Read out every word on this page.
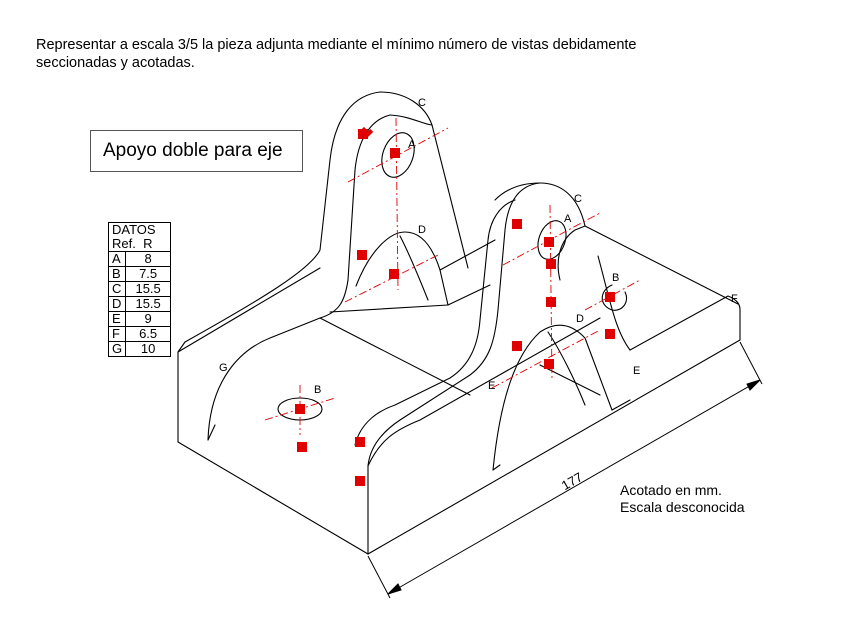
Representar a escala 3/5 la pieza adjunta mediante el mínimo número de vistas debidamente
seccionadas y acotadas.
Apoyo doble para eje
DATOS	
Ref. R	
A	8
B	7.5
C	15.5
D	15.5
E	9
F	6.5
G	10
Acotado en mm.
Escala desconocida
177
C
A
D
B
G
C
A
D
B
E
E
F
